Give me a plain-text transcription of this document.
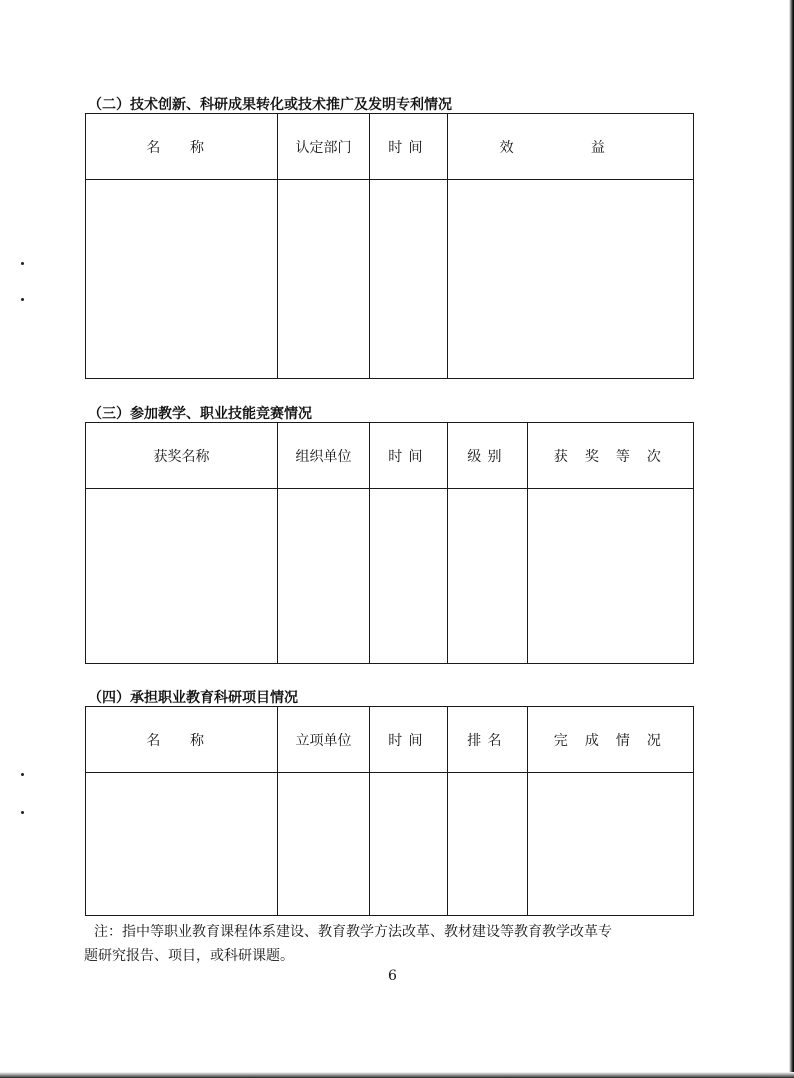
（二）技术创新、科研成果转化或技术推广及发明专利情况
名 称	认定部门	时间	效 益

（三）参加教学、职业技能竞赛情况
获奖名称	组织单位	时间	级别	获 奖 等 次

（四）承担职业教育科研项目情况
名 称	立项单位	时间	排名	完 成 情 况

注：指中等职业教育课程体系建设、教育教学方法改革、教材建设等教育教学改革专
题研究报告、项目，或科研课题。
6
